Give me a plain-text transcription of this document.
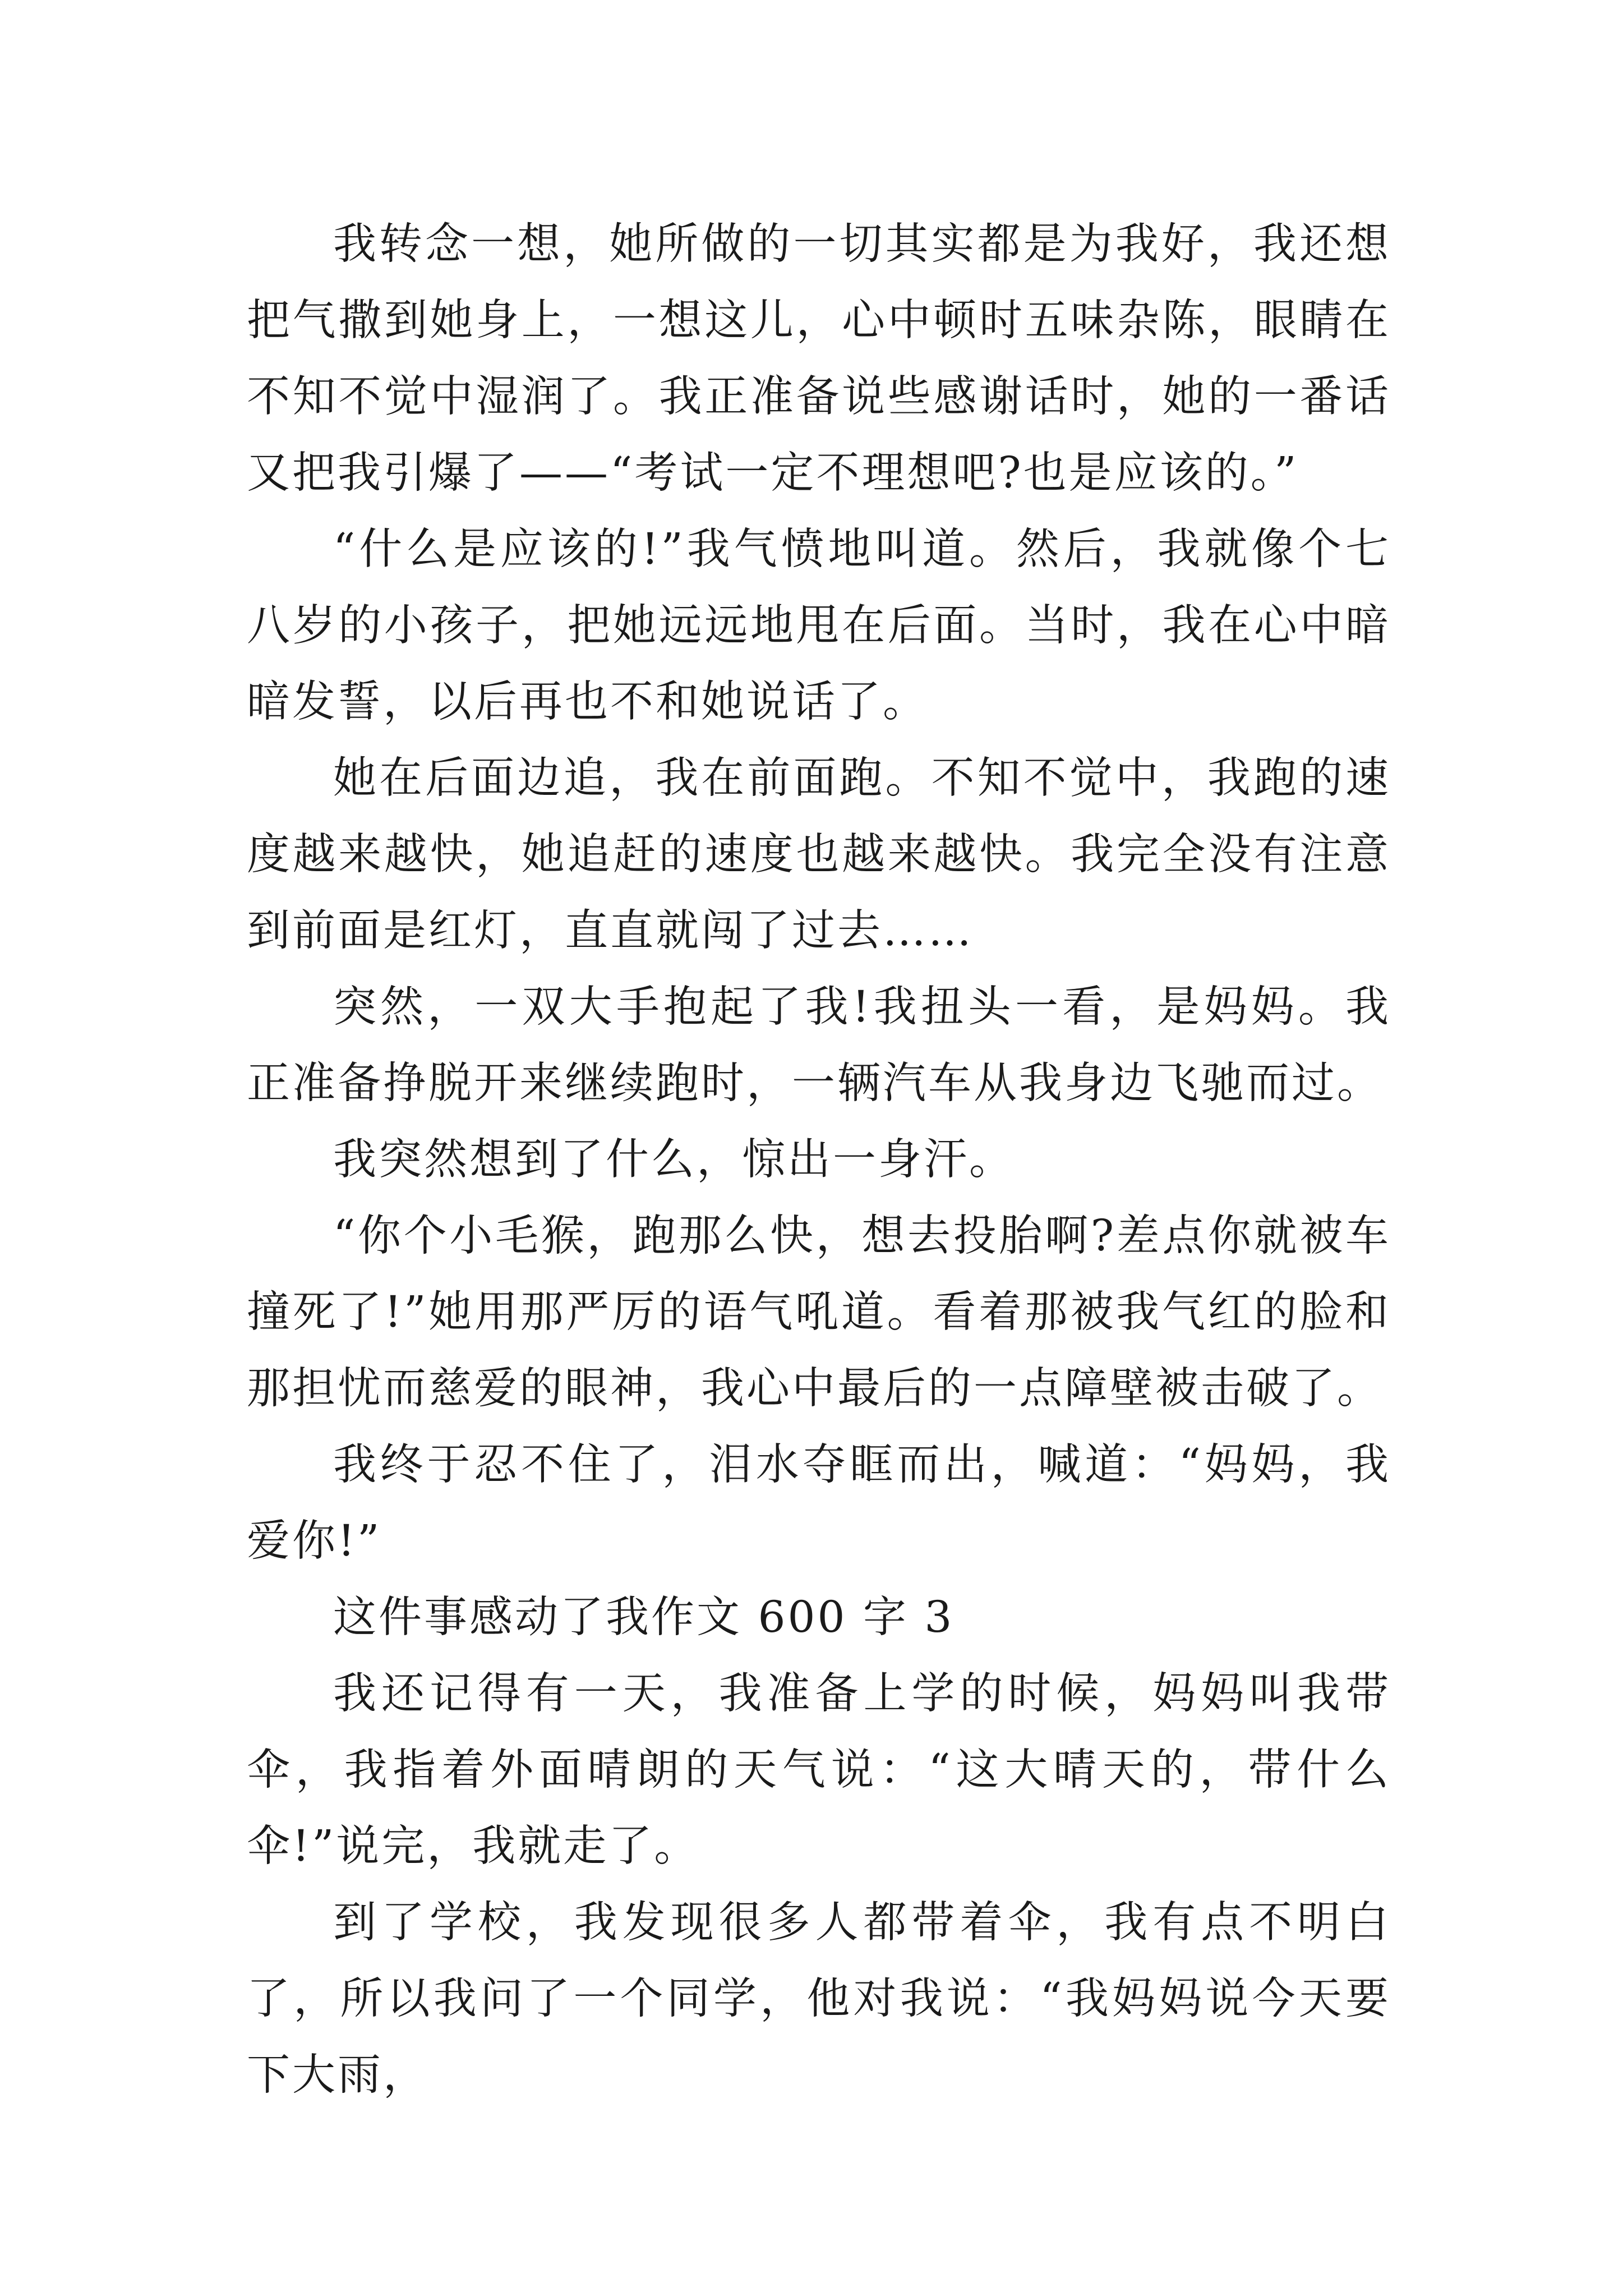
我转念一想，她所做的一切其实都是为我好，我还想把气撒到她身上，一想这儿，心中顿时五味杂陈，眼睛在不知不觉中湿润了。我正准备说些感谢话时，她的一番话又把我引爆了——“考试一定不理想吧?也是应该的。”

“什么是应该的!”我气愤地叫道。然后，我就像个七八岁的小孩子，把她远远地甩在后面。当时，我在心中暗暗发誓，以后再也不和她说话了。

她在后面边追，我在前面跑。不知不觉中，我跑的速度越来越快，她追赶的速度也越来越快。我完全没有注意到前面是红灯，直直就闯了过去……

突然，一双大手抱起了我!我扭头一看，是妈妈。我正准备挣脱开来继续跑时，一辆汽车从我身边飞驰而过。

我突然想到了什么，惊出一身汗。

“你个小毛猴，跑那么快，想去投胎啊?差点你就被车撞死了!”她用那严厉的语气吼道。看着那被我气红的脸和那担忧而慈爱的眼神，我心中最后的一点障壁被击破了。

我终于忍不住了，泪水夺眶而出，喊道：“妈妈，我爱你!”

这件事感动了我作文 600 字 3

我还记得有一天，我准备上学的时候，妈妈叫我带伞，我指着外面晴朗的天气说：“这大晴天的，带什么伞!”说完，我就走了。

到了学校，我发现很多人都带着伞，我有点不明白了，所以我问了一个同学，他对我说：“我妈妈说今天要下大雨，
